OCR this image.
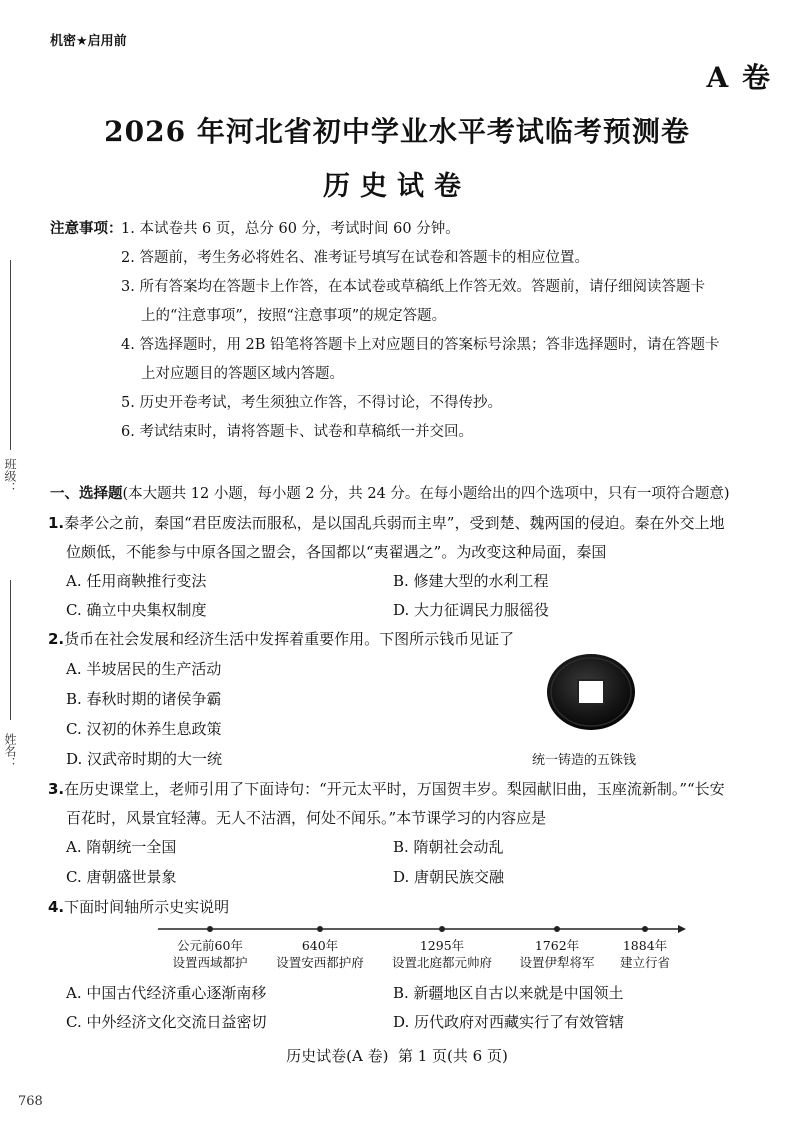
班级：
姓名：
机密★启用前
A 卷
2026 年河北省初中学业水平考试临考预测卷
历史试卷
注意事项：
1. 本试卷共 6 页，总分 60 分，考试时间 60 分钟。
2. 答题前，考生务必将姓名、准考证号填写在试卷和答题卡的相应位置。
3. 所有答案均在答题卡上作答，在本试卷或草稿纸上作答无效。答题前，请仔细阅读答题卡
上的“注意事项”，按照“注意事项”的规定答题。
4. 答选择题时，用 2B 铅笔将答题卡上对应题目的答案标号涂黑；答非选择题时，请在答题卡
上对应题目的答题区域内答题。
5. 历史开卷考试，考生须独立作答，不得讨论，不得传抄。
6. 考试结束时，请将答题卡、试卷和草稿纸一并交回。
一、选择题(本大题共 12 小题，每小题 2 分，共 24 分。在每小题给出的四个选项中，只有一项符合题意)
1.秦孝公之前，秦国“君臣废法而服私，是以国乱兵弱而主卑”，受到楚、魏两国的侵迫。秦在外交上地
位颇低，不能参与中原各国之盟会，各国都以“夷翟遇之”。为改变这种局面，秦国
A. 任用商鞅推行变法	B. 修建大型的水利工程
C. 确立中央集权制度	D. 大力征调民力服徭役
2.货币在社会发展和经济生活中发挥着重要作用。下图所示钱币见证了
A. 半坡居民的生产活动
B. 春秋时期的诸侯争霸
C. 汉初的休养生息政策
D. 汉武帝时期的大一统	统一铸造的五铢钱
3.在历史课堂上，老师引用了下面诗句：“开元太平时，万国贺丰岁。梨园献旧曲，玉座流新制。”“长安
百花时，风景宜轻薄。无人不沽酒，何处不闻乐。”本节课学习的内容应是
A. 隋朝统一全国	B. 隋朝社会动乱
C. 唐朝盛世景象	D. 唐朝民族交融
4.下面时间轴所示史实说明
公元前60年
设置西域都护
640年
设置安西都护府
1295年
设置北庭都元帅府
1762年
设置伊犁将军
1884年
建立行省
A. 中国古代经济重心逐渐南移	B. 新疆地区自古以来就是中国领土
C. 中外经济文化交流日益密切	D. 历代政府对西藏实行了有效管辖
历史试卷(A 卷)  第 1 页(共 6 页)
768
